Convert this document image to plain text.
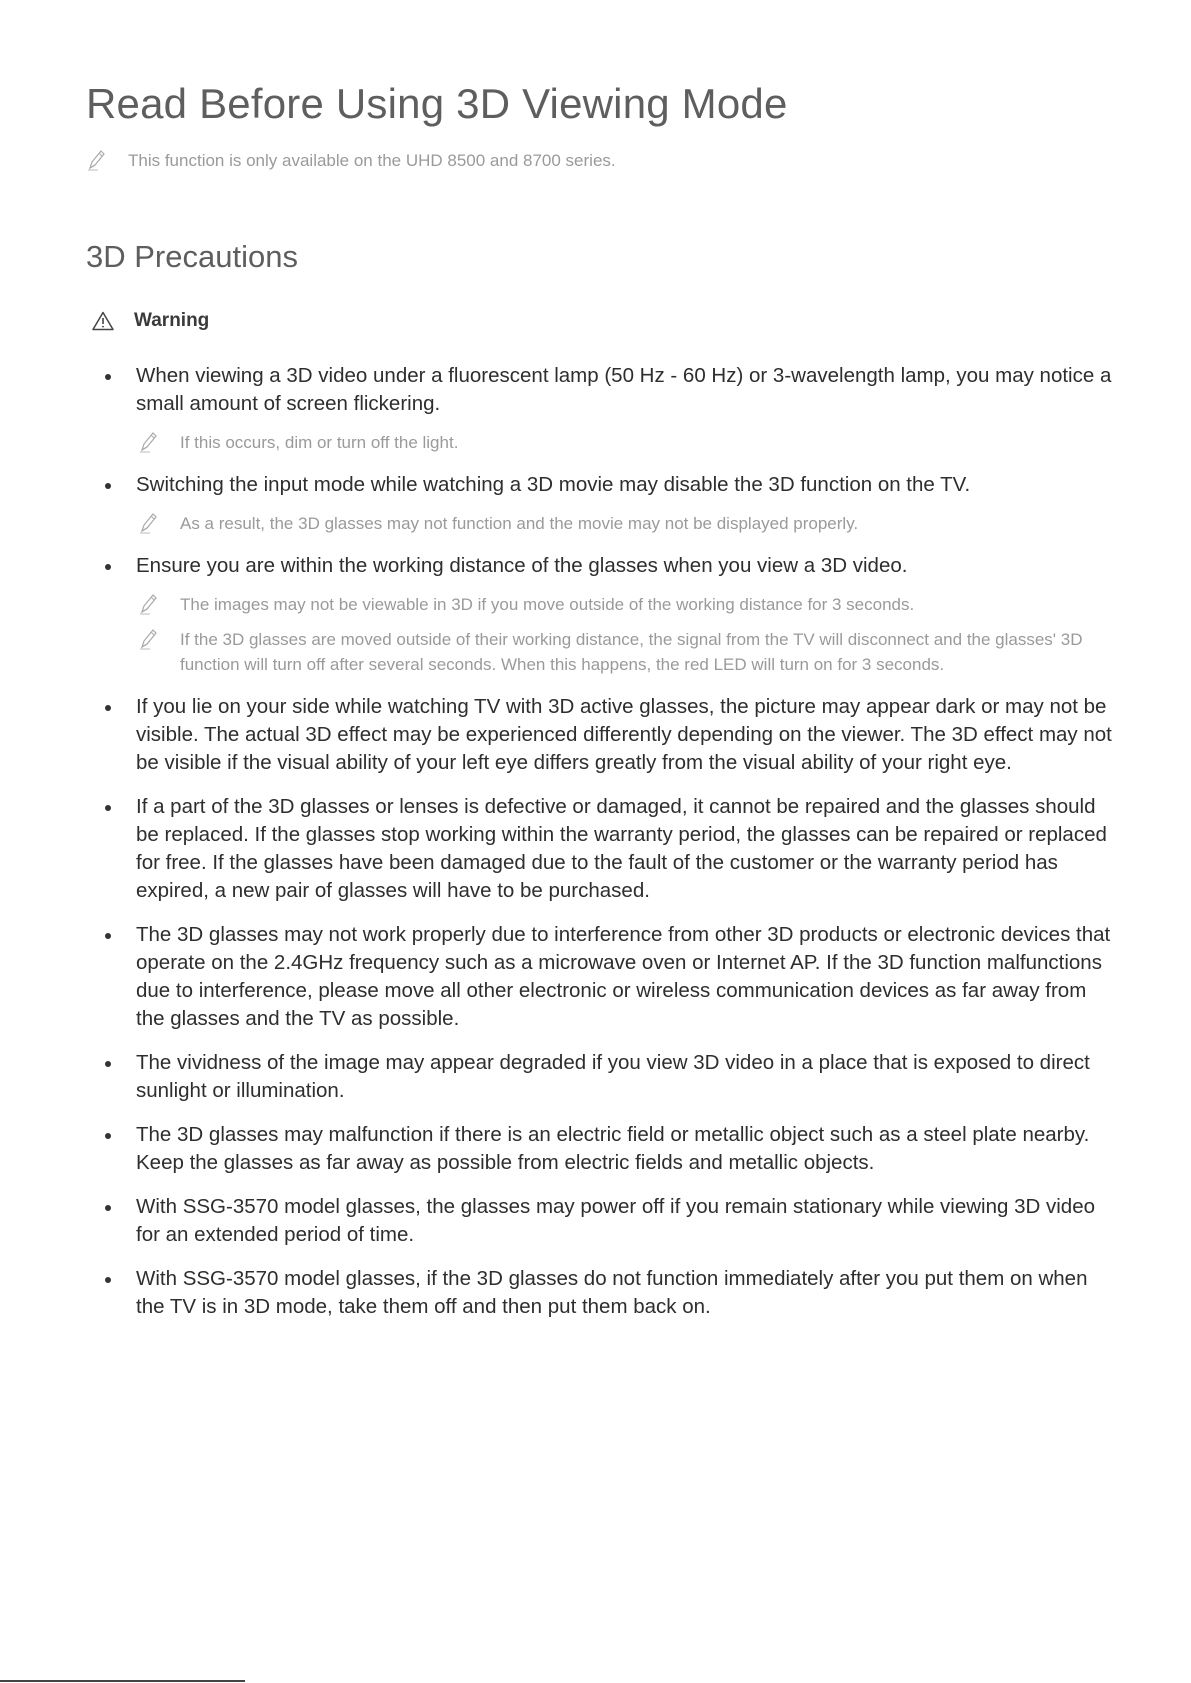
Read Before Using 3D Viewing Mode
This function is only available on the UHD 8500 and 8700 series.
3D Precautions
Warning
When viewing a 3D video under a fluorescent lamp (50 Hz - 60 Hz) or 3-wavelength lamp, you may notice a small amount of screen flickering.
If this occurs, dim or turn off the light.
Switching the input mode while watching a 3D movie may disable the 3D function on the TV.
As a result, the 3D glasses may not function and the movie may not be displayed properly.
Ensure you are within the working distance of the glasses when you view a 3D video.
The images may not be viewable in 3D if you move outside of the working distance for 3 seconds.
If the 3D glasses are moved outside of their working distance, the signal from the TV will disconnect and the glasses' 3D function will turn off after several seconds. When this happens, the red LED will turn on for 3 seconds.
If you lie on your side while watching TV with 3D active glasses, the picture may appear dark or may not be visible. The actual 3D effect may be experienced differently depending on the viewer. The 3D effect may not be visible if the visual ability of your left eye differs greatly from the visual ability of your right eye.
If a part of the 3D glasses or lenses is defective or damaged, it cannot be repaired and the glasses should be replaced. If the glasses stop working within the warranty period, the glasses can be repaired or replaced for free. If the glasses have been damaged due to the fault of the customer or the warranty period has expired, a new pair of glasses will have to be purchased.
The 3D glasses may not work properly due to interference from other 3D products or electronic devices that operate on the 2.4GHz frequency such as a microwave oven or Internet AP. If the 3D function malfunctions due to interference, please move all other electronic or wireless communication devices as far away from the glasses and the TV as possible.
The vividness of the image may appear degraded if you view 3D video in a place that is exposed to direct sunlight or illumination.
The 3D glasses may malfunction if there is an electric field or metallic object such as a steel plate nearby. Keep the glasses as far away as possible from electric fields and metallic objects.
With SSG-3570 model glasses, the glasses may power off if you remain stationary while viewing 3D video for an extended period of time.
With SSG-3570 model glasses, if the 3D glasses do not function immediately after you put them on when the TV is in 3D mode, take them off and then put them back on.
